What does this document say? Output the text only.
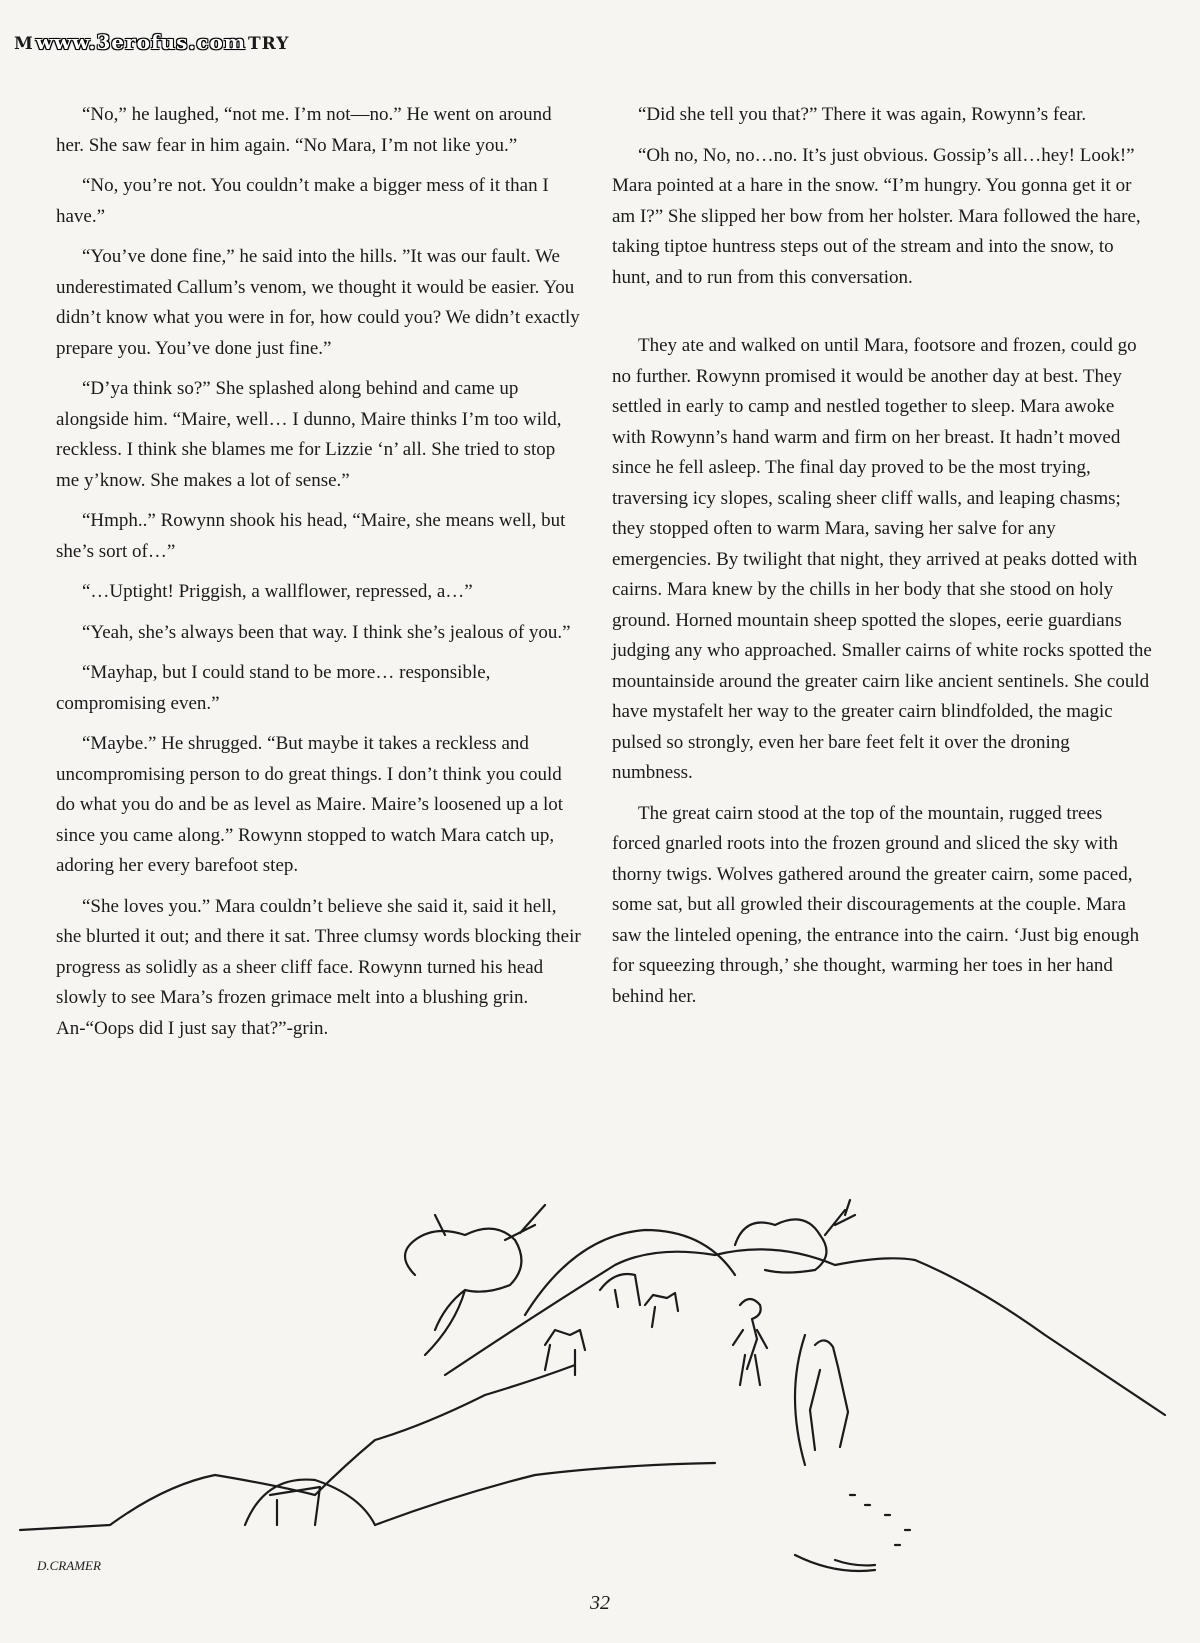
M www.3erofus.com TRY

“No,” he laughed, “not me. I’m not—no.” He went on around her. She saw fear in him again. “No Mara, I’m not like you.”

“No, you’re not. You couldn’t make a bigger mess of it than I have.”

“You’ve done fine,” he said into the hills. ”It was our fault. We underestimated Callum’s venom, we thought it would be easier. You didn’t know what you were in for, how could you? We didn’t exactly prepare you. You’ve done just fine.”

“D’ya think so?” She splashed along behind and came up alongside him. “Maire, well… I dunno, Maire thinks I’m too wild, reckless. I think she blames me for Lizzie ‘n’ all. She tried to stop me y’know. She makes a lot of sense.”

“Hmph..” Rowynn shook his head, “Maire, she means well, but she’s sort of…”

“…Uptight! Priggish, a wallflower, repressed, a…”

“Yeah, she’s always been that way. I think she’s jealous of you.”

“Mayhap, but I could stand to be more… responsible, compromising even.”

“Maybe.” He shrugged. “But maybe it takes a reckless and uncompromising person to do great things. I don’t think you could do what you do and be as level as Maire. Maire’s loosened up a lot since you came along.” Rowynn stopped to watch Mara catch up, adoring her every barefoot step.

“She loves you.” Mara couldn’t believe she said it, said it hell, she blurted it out; and there it sat. Three clumsy words blocking their progress as solidly as a sheer cliff face. Rowynn turned his head slowly to see Mara’s frozen grimace melt into a blushing grin. An-“Oops did I just say that?”-grin.

“Did she tell you that?” There it was again, Rowynn’s fear.

“Oh no, No, no…no. It’s just obvious. Gossip’s all…hey! Look!” Mara pointed at a hare in the snow. “I’m hungry. You gonna get it or am I?” She slipped her bow from her holster. Mara followed the hare, taking tiptoe huntress steps out of the stream and into the snow, to hunt, and to run from this conversation.

They ate and walked on until Mara, footsore and frozen, could go no further. Rowynn promised it would be another day at best. They settled in early to camp and nestled together to sleep. Mara awoke with Rowynn’s hand warm and firm on her breast. It hadn’t moved since he fell asleep. The final day proved to be the most trying, traversing icy slopes, scaling sheer cliff walls, and leaping chasms; they stopped often to warm Mara, saving her salve for any emergencies. By twilight that night, they arrived at peaks dotted with cairns. Mara knew by the chills in her body that she stood on holy ground. Horned mountain sheep spotted the slopes, eerie guardians judging any who approached. Smaller cairns of white rocks spotted the mountainside around the greater cairn like ancient sentinels. She could have mystafelt her way to the greater cairn blindfolded, the magic pulsed so strongly, even her bare feet felt it over the droning numbness.

The great cairn stood at the top of the mountain, rugged trees forced gnarled roots into the frozen ground and sliced the sky with thorny twigs. Wolves gathered around the greater cairn, some paced, some sat, but all growled their discouragements at the couple. Mara saw the linteled opening, the entrance into the cairn. ‘Just big enough for squeezing through,’ she thought, warming her toes in her hand behind her.

D.CRAMER
32
